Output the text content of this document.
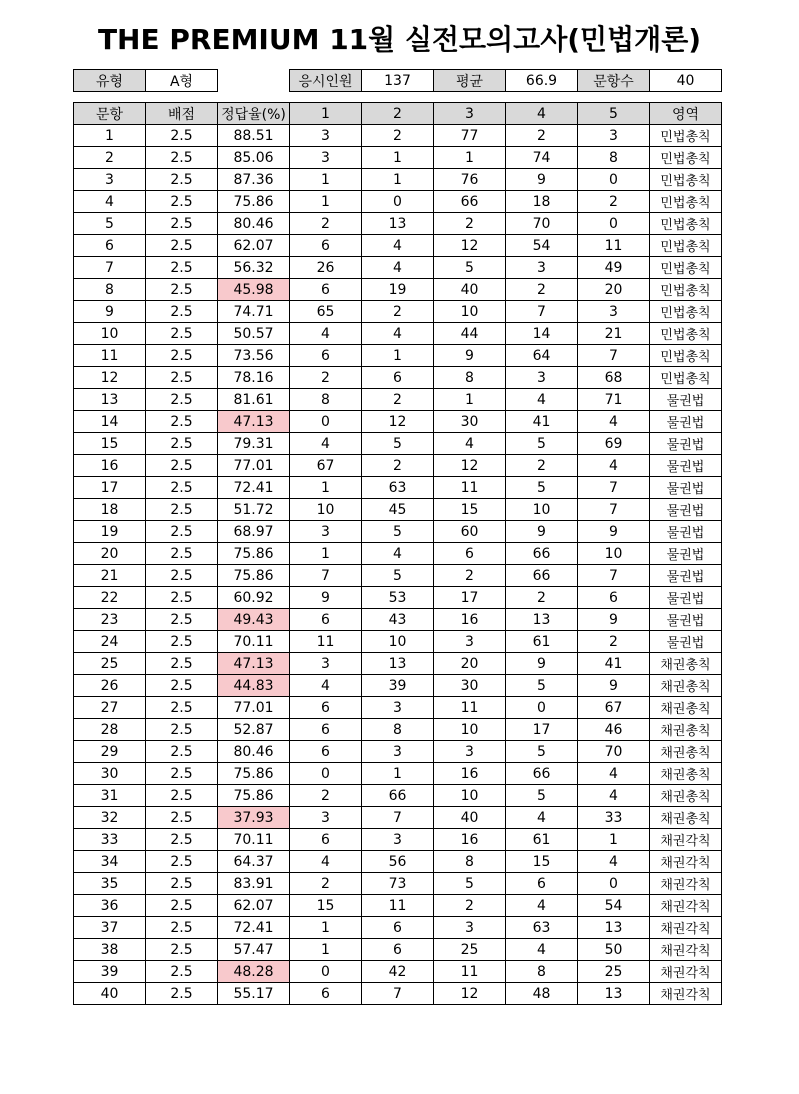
THE PREMIUM 11월 실전모의고사(민법개론)
유형	A형		응시인원	137	평균	66.9	문항수	40
문항	배점	정답율(%)	1	2	3	4	5	영역
1	2.5	88.51	3	2	77	2	3	민법총칙
2	2.5	85.06	3	1	1	74	8	민법총칙
3	2.5	87.36	1	1	76	9	0	민법총칙
4	2.5	75.86	1	0	66	18	2	민법총칙
5	2.5	80.46	2	13	2	70	0	민법총칙
6	2.5	62.07	6	4	12	54	11	민법총칙
7	2.5	56.32	26	4	5	3	49	민법총칙
8	2.5	45.98	6	19	40	2	20	민법총칙
9	2.5	74.71	65	2	10	7	3	민법총칙
10	2.5	50.57	4	4	44	14	21	민법총칙
11	2.5	73.56	6	1	9	64	7	민법총칙
12	2.5	78.16	2	6	8	3	68	민법총칙
13	2.5	81.61	8	2	1	4	71	물권법
14	2.5	47.13	0	12	30	41	4	물권법
15	2.5	79.31	4	5	4	5	69	물권법
16	2.5	77.01	67	2	12	2	4	물권법
17	2.5	72.41	1	63	11	5	7	물권법
18	2.5	51.72	10	45	15	10	7	물권법
19	2.5	68.97	3	5	60	9	9	물권법
20	2.5	75.86	1	4	6	66	10	물권법
21	2.5	75.86	7	5	2	66	7	물권법
22	2.5	60.92	9	53	17	2	6	물권법
23	2.5	49.43	6	43	16	13	9	물권법
24	2.5	70.11	11	10	3	61	2	물권법
25	2.5	47.13	3	13	20	9	41	채권총칙
26	2.5	44.83	4	39	30	5	9	채권총칙
27	2.5	77.01	6	3	11	0	67	채권총칙
28	2.5	52.87	6	8	10	17	46	채권총칙
29	2.5	80.46	6	3	3	5	70	채권총칙
30	2.5	75.86	0	1	16	66	4	채권총칙
31	2.5	75.86	2	66	10	5	4	채권총칙
32	2.5	37.93	3	7	40	4	33	채권총칙
33	2.5	70.11	6	3	16	61	1	채권각칙
34	2.5	64.37	4	56	8	15	4	채권각칙
35	2.5	83.91	2	73	5	6	0	채권각칙
36	2.5	62.07	15	11	2	4	54	채권각칙
37	2.5	72.41	1	6	3	63	13	채권각칙
38	2.5	57.47	1	6	25	4	50	채권각칙
39	2.5	48.28	0	42	11	8	25	채권각칙
40	2.5	55.17	6	7	12	48	13	채권각칙
